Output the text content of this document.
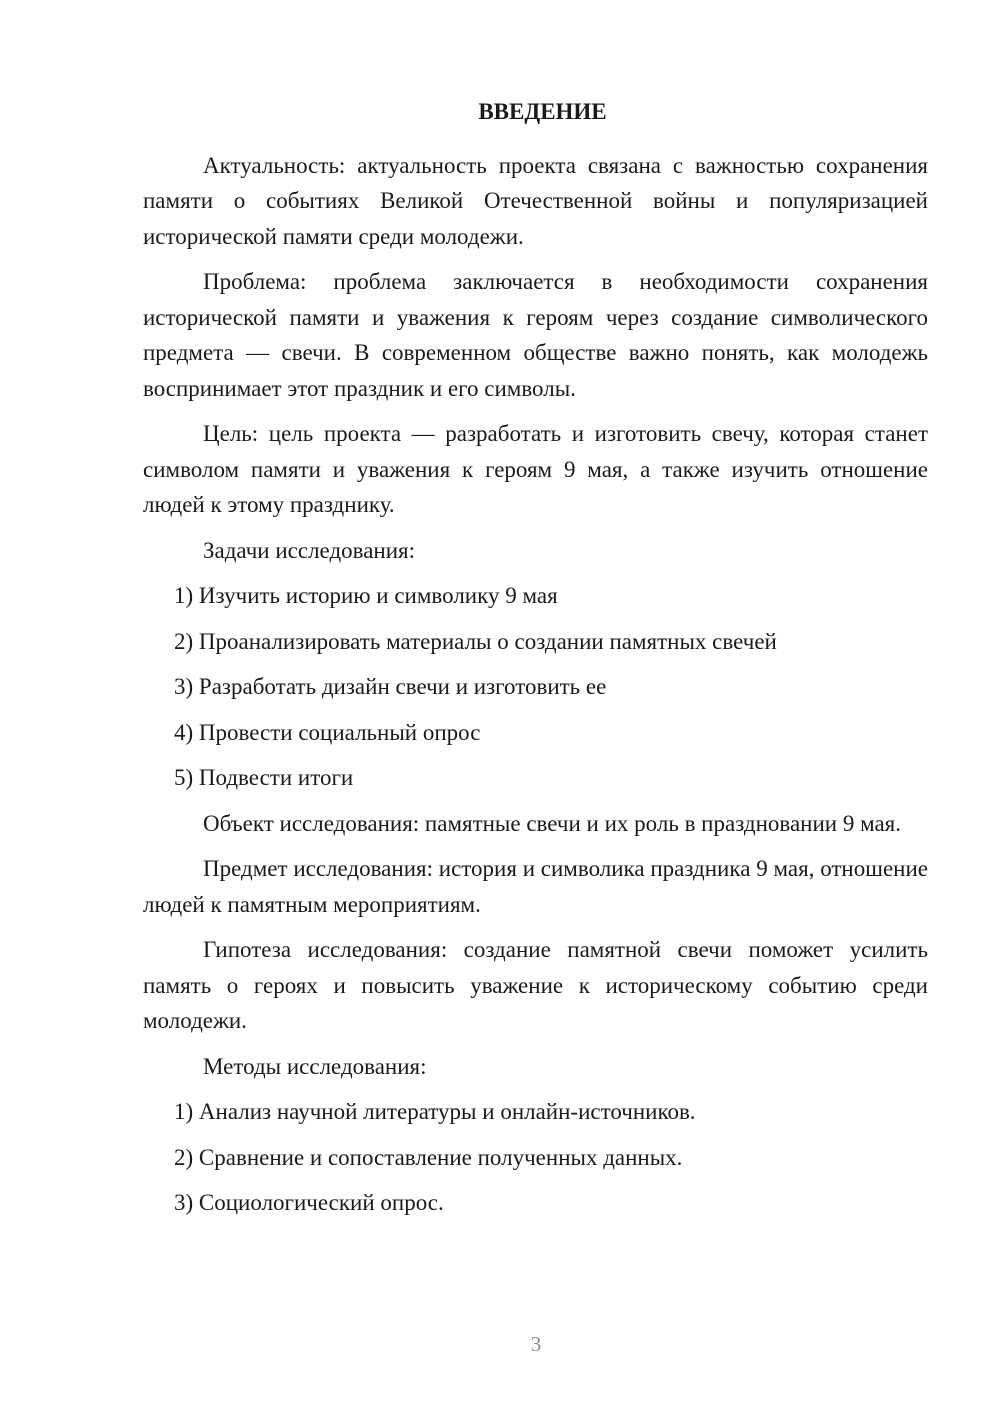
ВВЕДЕНИЕ

Актуальность: актуальность проекта связана с важностью сохранения памяти о событиях Великой Отечественной войны и популяризацией исторической памяти среди молодежи.

Проблема: проблема заключается в необходимости сохранения исторической памяти и уважения к героям через создание символического предмета — свечи. В современном обществе важно понять, как молодежь воспринимает этот праздник и его символы.

Цель: цель проекта — разработать и изготовить свечу, которая станет символом памяти и уважения к героям 9 мая, а также изучить отношение людей к этому празднику.

Задачи исследования:

1) Изучить историю и символику 9 мая
2) Проанализировать материалы о создании памятных свечей
3) Разработать дизайн свечи и изготовить ее
4) Провести социальный опрос
5) Подвести итоги

Объект исследования: памятные свечи и их роль в праздновании 9 мая.

Предмет исследования: история и символика праздника 9 мая, отношение людей к памятным мероприятиям.

Гипотеза исследования: создание памятной свечи поможет усилить память о героях и повысить уважение к историческому событию среди молодежи.

Методы исследования:

1) Анализ научной литературы и онлайн-источников.
2) Сравнение и сопоставление полученных данных.
3) Социологический опрос.
3
